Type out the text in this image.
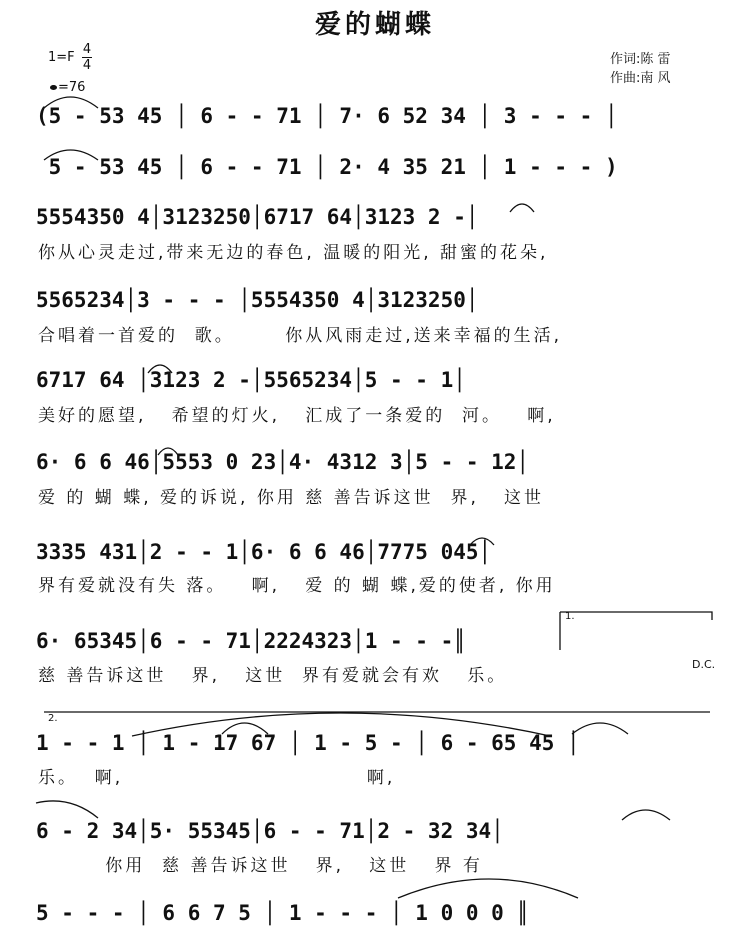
爱的蝴蝶
作词:陈 雷
作曲:南 风
1=F
4
4
=76
(5 - 53 45 │ 6 - - 71 │ 7· 6 52 34 │ 3 - - - │
5 - 53 45 │ 6 - - 71 │ 2· 4 35 21 │ 1 - - - )
5554350 4│3123250│6717 64│3123 2 -│
你从心灵走过,带来无边的春色, 温暖的阳光, 甜蜜的花朵,
5565234│3 - - - │5554350 4│3123250│
合唱着一首爱的  歌。      你从风雨走过,送来幸福的生活,
6717 64 │3123 2 -│5565234│5 - - 1│
美好的愿望,   希望的灯火,   汇成了一条爱的  河。   啊,
6· 6 6 46│5553 0 23│4· 4312 3│5 - - 12│
爱 的 蝴 蝶, 爱的诉说, 你用 慈 善告诉这世  界,   这世
3335 431│2 - - 1│6· 6 6 46│7775 045│
界有爱就没有失 落。   啊,   爱 的 蝴 蝶,爱的使者, 你用
6· 65345│6 - - 71│2224323│1 - - -║
慈 善告诉这世   界,   这世  界有爱就会有欢   乐。
D.C.
1.
2.
1 - - 1 │ 1 - 17 67 │ 1 - 5 - │ 6 - 65 45 │
乐。  啊,                             啊,
6 - 2 34│5· 55345│6 - - 71│2 - 32 34│
你用  慈 善告诉这世   界,   这世   界 有
5 - - - │ 6 6 7 5 │ 1 - - - │ 1 0 0 0 ║
